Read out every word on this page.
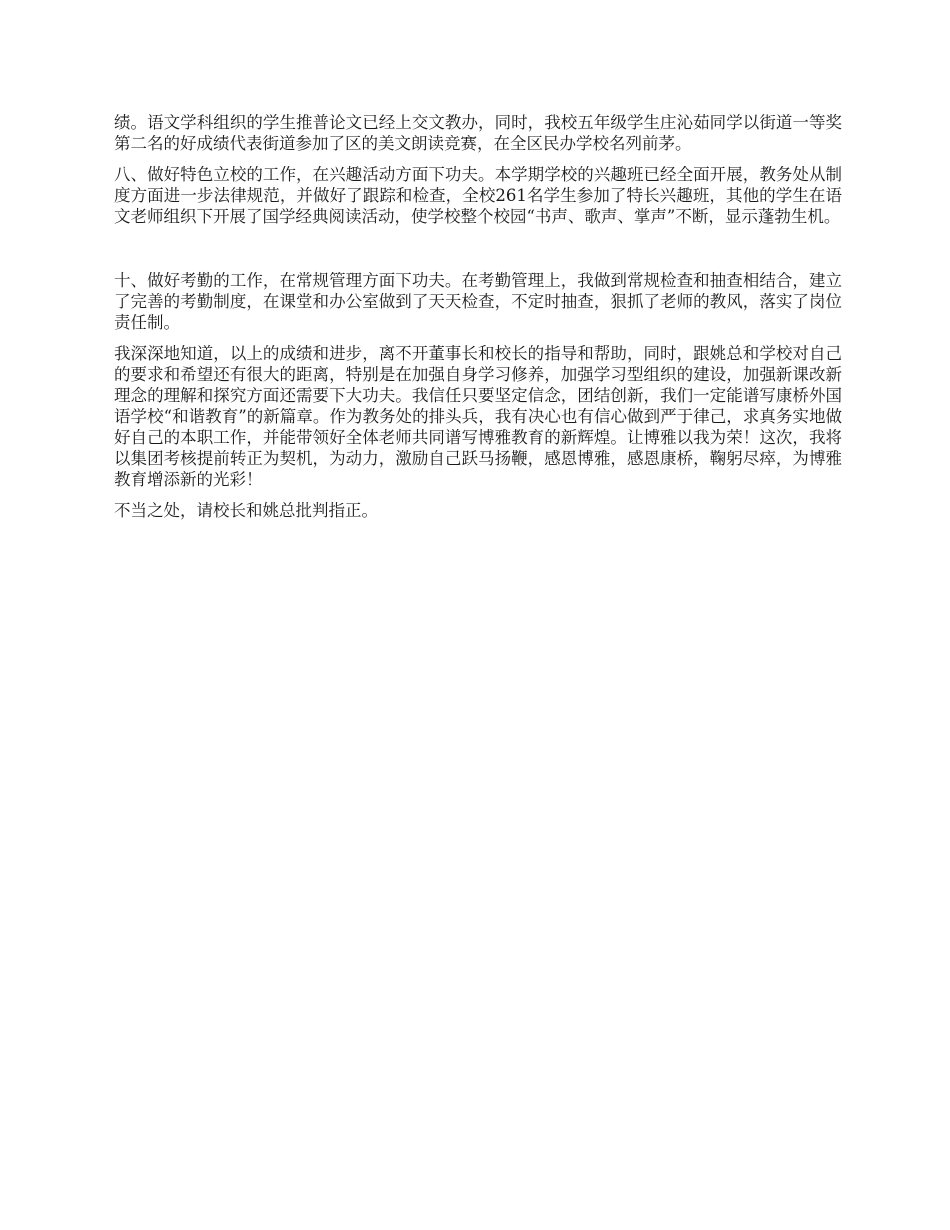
绩。语文学科组织的学生推普论文已经上交文教办，同时，我校五年级学生庄沁茹同学以街道一等奖第二名的好成绩代表街道参加了区的美文朗读竞赛，在全区民办学校名列前茅。

八、做好特色立校的工作，在兴趣活动方面下功夫。本学期学校的兴趣班已经全面开展，教务处从制度方面进一步法律规范，并做好了跟踪和检查，全校261名学生参加了特长兴趣班，其他的学生在语文老师组织下开展了国学经典阅读活动，使学校整个校园“书声、歌声、掌声”不断，显示蓬勃生机。

十、做好考勤的工作，在常规管理方面下功夫。在考勤管理上，我做到常规检查和抽查相结合，建立了完善的考勤制度，在课堂和办公室做到了天天检查，不定时抽查，狠抓了老师的教风，落实了岗位责任制。

我深深地知道，以上的成绩和进步，离不开董事长和校长的指导和帮助，同时，跟姚总和学校对自己的要求和希望还有很大的距离，特别是在加强自身学习修养，加强学习型组织的建设，加强新课改新理念的理解和探究方面还需要下大功夫。我信任只要坚定信念，团结创新，我们一定能谱写康桥外国语学校“和谐教育”的新篇章。作为教务处的排头兵，我有决心也有信心做到严于律己，求真务实地做好自己的本职工作，并能带领好全体老师共同谱写博雅教育的新辉煌。让博雅以我为荣！这次，我将以集团考核提前转正为契机，为动力，激励自己跃马扬鞭，感恩博雅，感恩康桥，鞠躬尽瘁，为博雅教育增添新的光彩！

不当之处，请校长和姚总批判指正。
